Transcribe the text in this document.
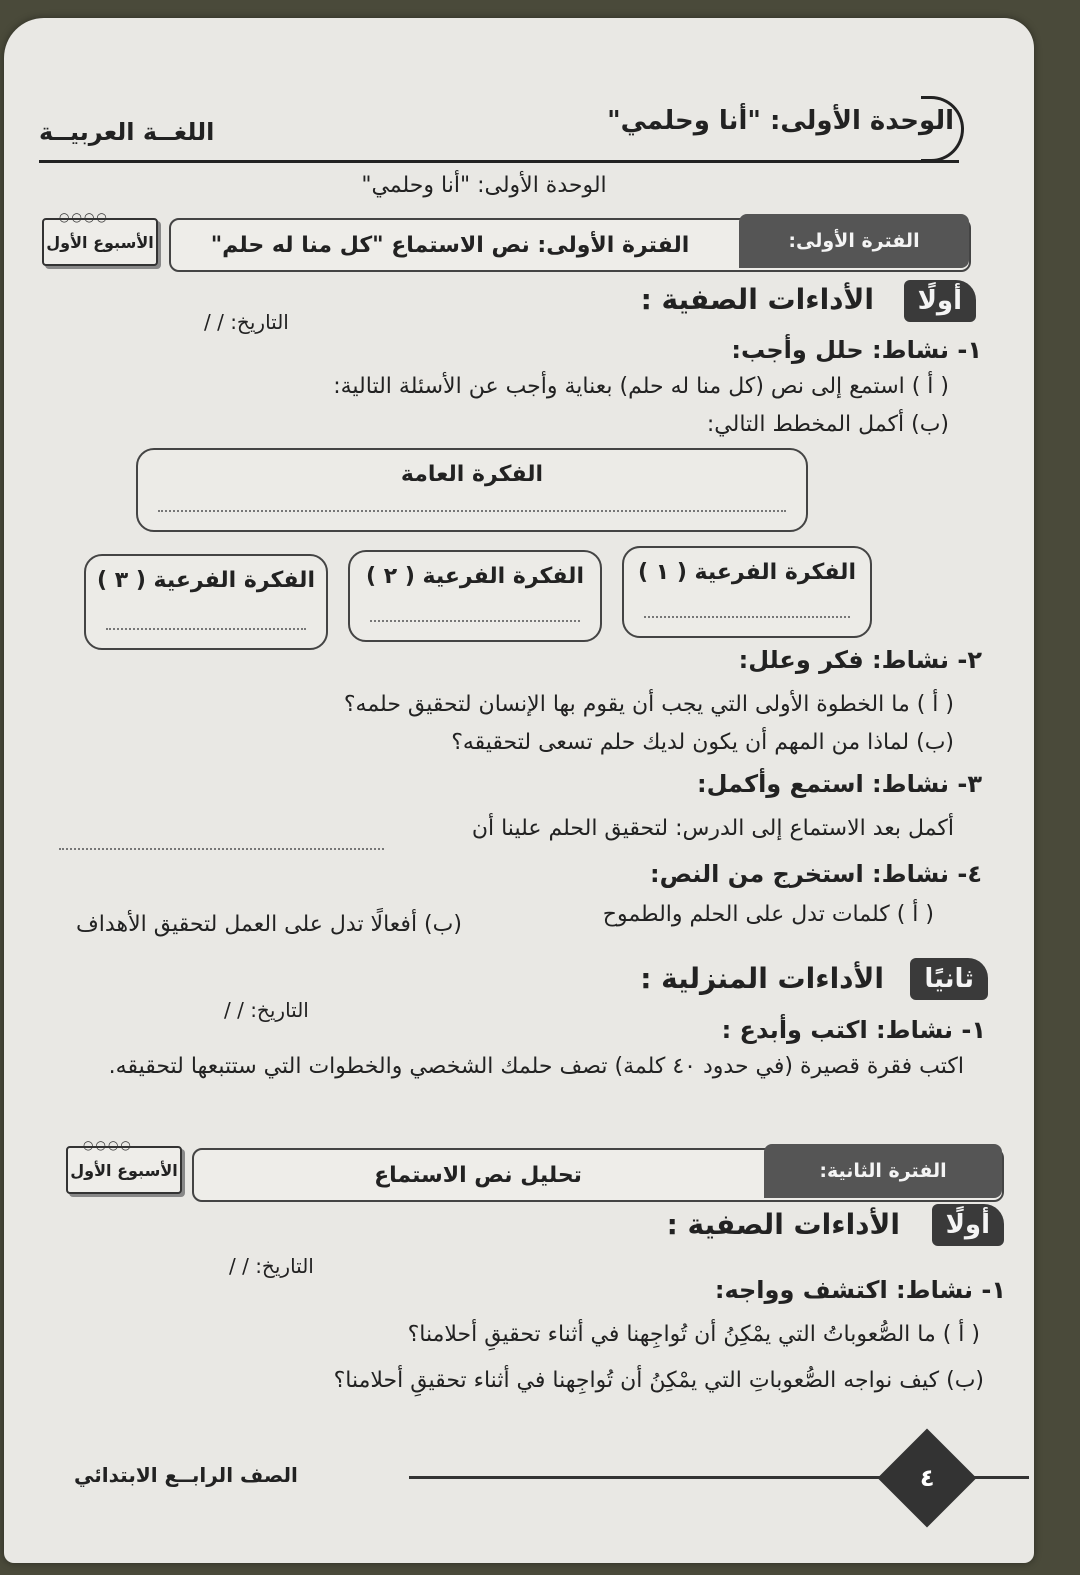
الوحدة الأولى: "أنا وحلمي"
اللغــة العربيــة
الوحدة الأولى: "أنا وحلمي"
الفترة الأولى:
الفترة الأولى: نص الاستماع "كل منا له حلم"
○○○○
الأسبوع الأول
أولًا
الأداءات الصفية :
التاريخ: / /
١- نشاط: حلل وأجب:
( أ ) استمع إلى نص (كل منا له حلم) بعناية وأجب عن الأسئلة التالية:
(ب) أكمل المخطط التالي:
الفكرة العامة
الفكرة الفرعية ( ١ )
الفكرة الفرعية ( ٢ )
الفكرة الفرعية ( ٣ )
٢- نشاط: فكر وعلل:
( أ ) ما الخطوة الأولى التي يجب أن يقوم بها الإنسان لتحقيق حلمه؟
(ب) لماذا من المهم أن يكون لديك حلم تسعى لتحقيقه؟
٣- نشاط: استمع وأكمل:
أكمل بعد الاستماع إلى الدرس: لتحقيق الحلم علينا أن
٤- نشاط: استخرج من النص:
( أ ) كلمات تدل على الحلم والطموح
(ب) أفعالًا تدل على العمل لتحقيق الأهداف
ثانيًا
الأداءات المنزلية :
التاريخ: / /
١- نشاط: اكتب وأبدع :
اكتب فقرة قصيرة (في حدود ٤٠ كلمة) تصف حلمك الشخصي والخطوات التي ستتبعها لتحقيقه.
الفترة الثانية:
تحليل نص الاستماع
○○○○
الأسبوع الأول
أولًا
الأداءات الصفية :
التاريخ: / /
١- نشاط: اكتشف وواجه:
( أ ) ما الصُّعوباتُ التي يمْكِنُ أن تُواجِهنا في أثناء تحقيقِ أحلامنا؟
(ب) كيف نواجه الصُّعوباتِ التي يمْكِنُ أن تُواجِهنا في أثناء تحقيقِ أحلامنا؟
الصف الرابــع الابتدائي	٤
